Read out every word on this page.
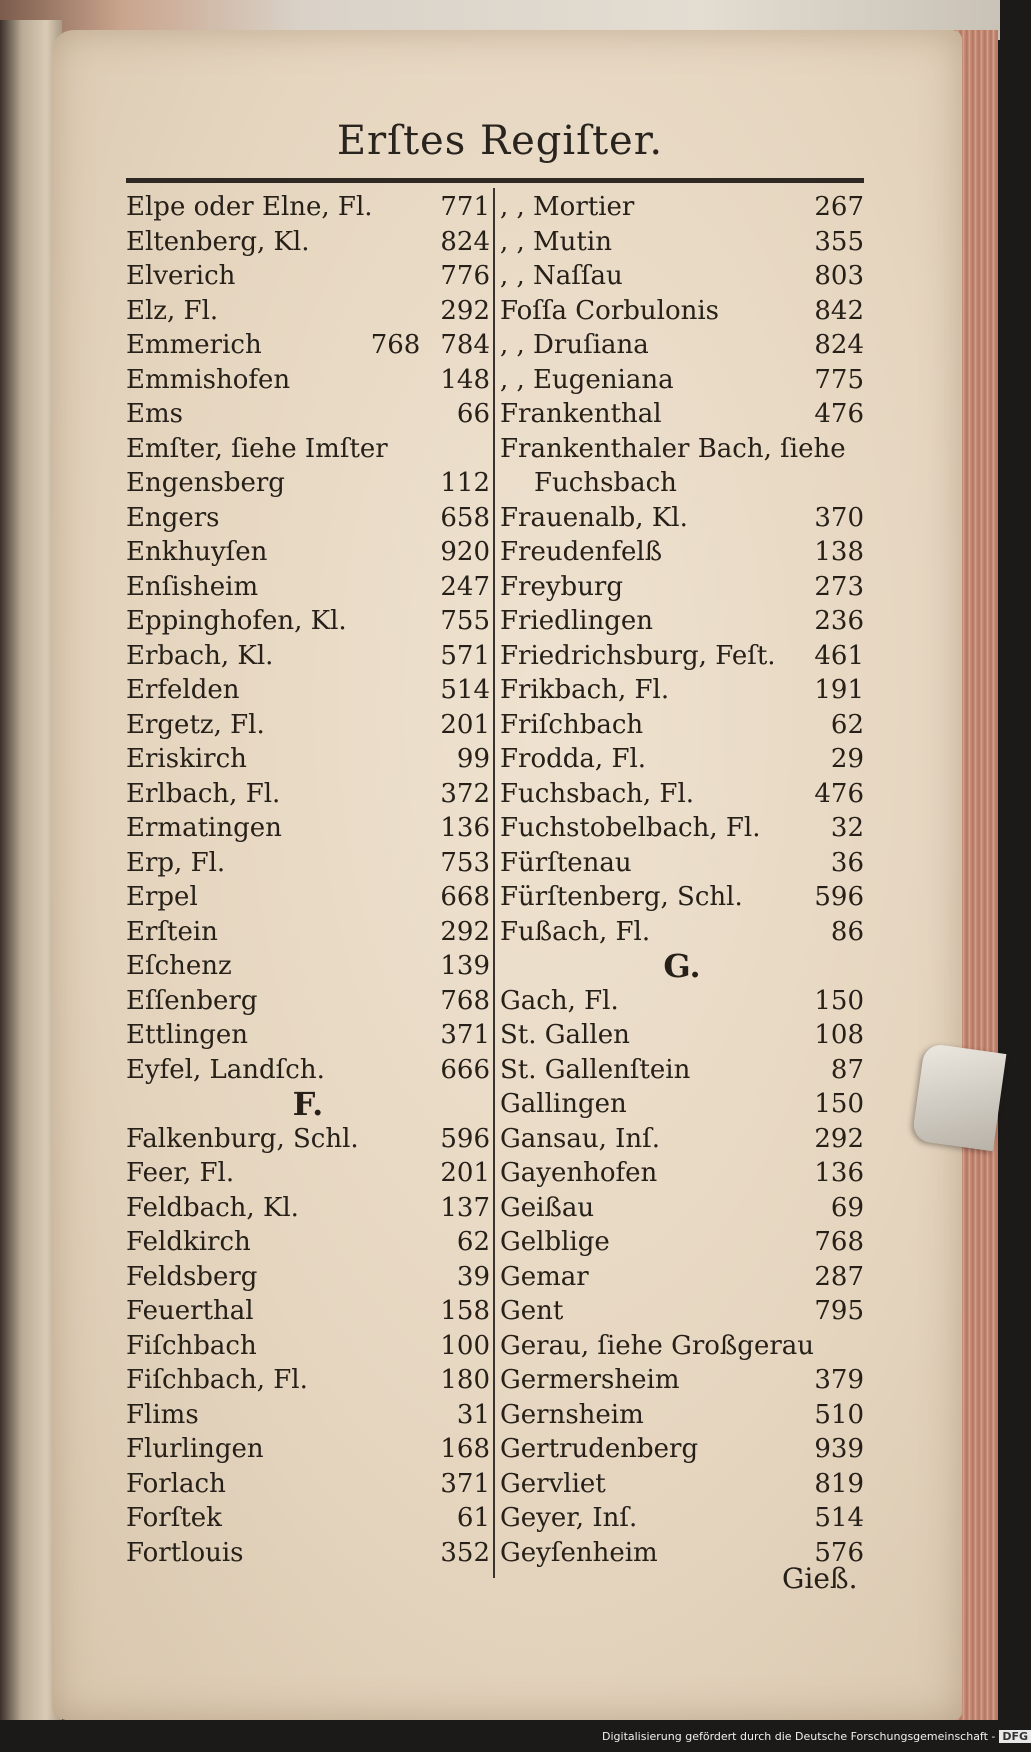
Erſtes Regiſter.
Elpe oder Elne, Fl.	771
Eltenberg, Kl.	824
Elverich	776
Elz, Fl.	292
Emmerich	768 784
Emmishofen	148
Ems	66
Emſter, ſiehe Imſter
Engensberg	112
Engers	658
Enkhuyſen	920
Enſisheim	247
Eppinghofen, Kl.	755
Erbach, Kl.	571
Erfelden	514
Ergetz, Fl.	201
Eriskirch	99
Erlbach, Fl.	372
Ermatingen	136
Erp, Fl.	753
Erpel	668
Erſtein	292
Eſchenz	139
Eſſenberg	768
Ettlingen	371
Eyfel, Landſch.	666
F.
Falkenburg, Schl.	596
Feer, Fl.	201
Feldbach, Kl.	137
Feldkirch	62
Feldsberg	39
Feuerthal	158
Fiſchbach	100
Fiſchbach, Fl.	180
Flims	31
Flurlingen	168
Forlach	371
Forſtek	61
Fortlouis	352
, , Mortier	267
, , Mutin	355
, , Naſſau	803
Foſſa Corbulonis	842
, , Druſiana	824
, , Eugeniana	775
Frankenthal	476
Frankenthaler Bach, ſiehe
Fuchsbach
Frauenalb, Kl.	370
Freudenfelß	138
Freyburg	273
Friedlingen	236
Friedrichsburg, Feſt.	461
Frikbach, Fl.	191
Friſchbach	62
Frodda, Fl.	29
Fuchsbach, Fl.	476
Fuchstobelbach, Fl.	32
Fürſtenau	36
Fürſtenberg, Schl.	596
Fußach, Fl.	86
G.
Gach, Fl.	150
St. Gallen	108
St. Gallenſtein	87
Gallingen	150
Gansau, Inſ.	292
Gayenhofen	136
Geißau	69
Gelblige	768
Gemar	287
Gent	795
Gerau, ſiehe Großgerau
Germersheim	379
Gernsheim	510
Gertrudenberg	939
Gervliet	819
Geyer, Inſ.	514
Geyſenheim	576
Gieß.
Digitalisierung gefördert durch die Deutsche Forschungsgemeinschaft - DFG
